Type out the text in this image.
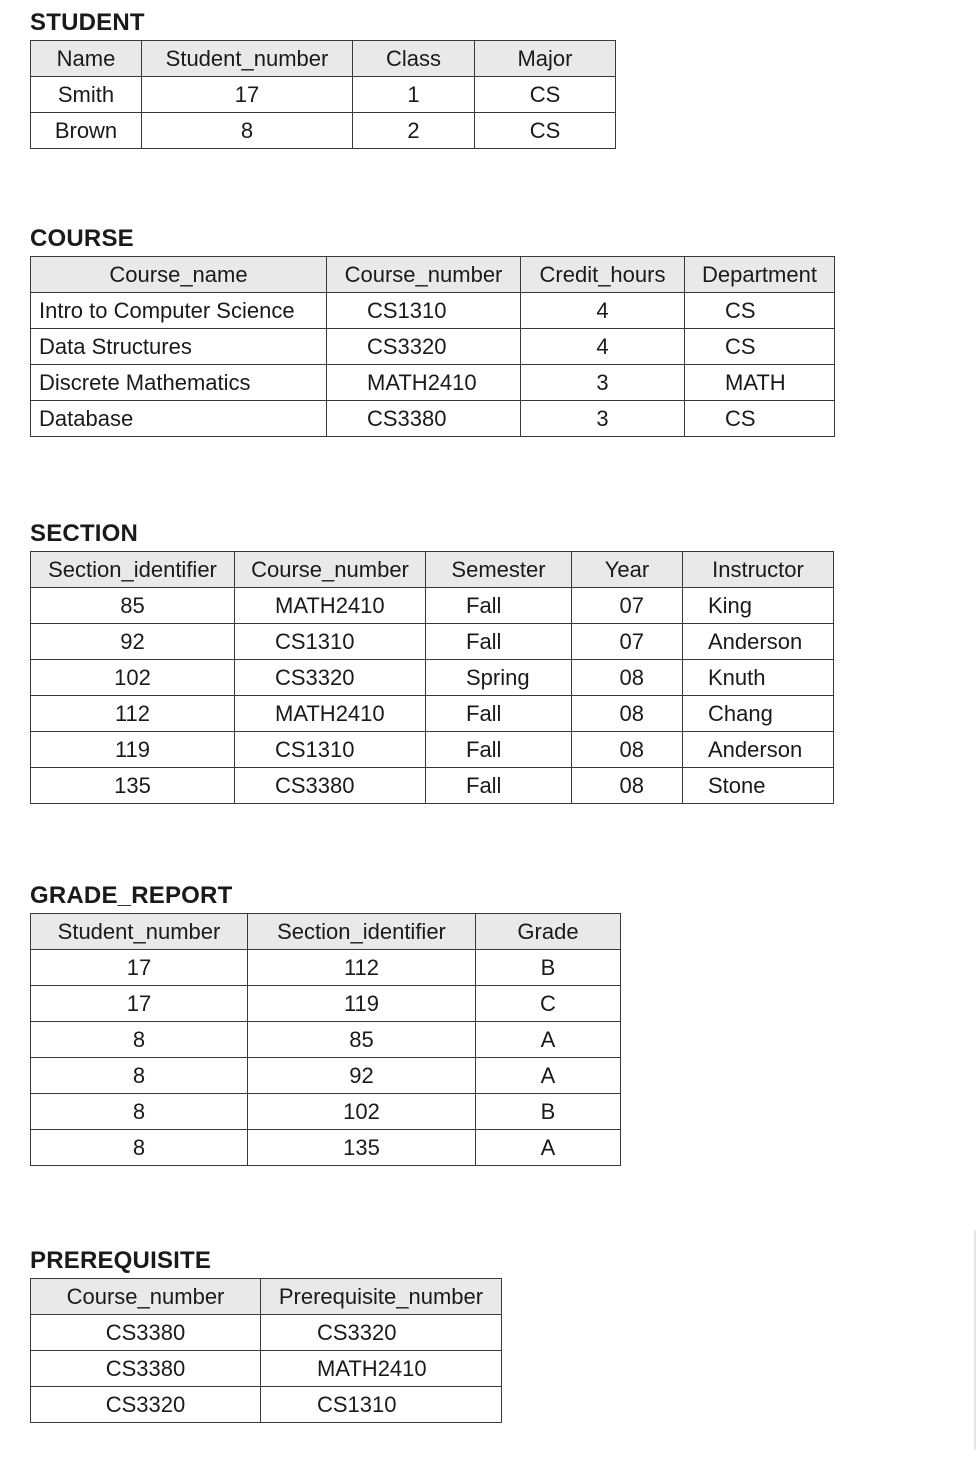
STUDENT
Name	Student_number	Class	Major
Smith	17	1	CS
Brown	8	2	CS
COURSE
Course_name	Course_number	Credit_hours	Department
Intro to Computer Science	CS1310	4	CS
Data Structures	CS3320	4	CS
Discrete Mathematics	MATH2410	3	MATH
Database	CS3380	3	CS
SECTION
Section_identifier	Course_number	Semester	Year	Instructor
85	MATH2410	Fall	07	King
92	CS1310	Fall	07	Anderson
102	CS3320	Spring	08	Knuth
112	MATH2410	Fall	08	Chang
119	CS1310	Fall	08	Anderson
135	CS3380	Fall	08	Stone
GRADE_REPORT
Student_number	Section_identifier	Grade
17	112	B
17	119	C
8	85	A
8	92	A
8	102	B
8	135	A
PREREQUISITE
Course_number	Prerequisite_number
CS3380	CS3320
CS3380	MATH2410
CS3320	CS1310
